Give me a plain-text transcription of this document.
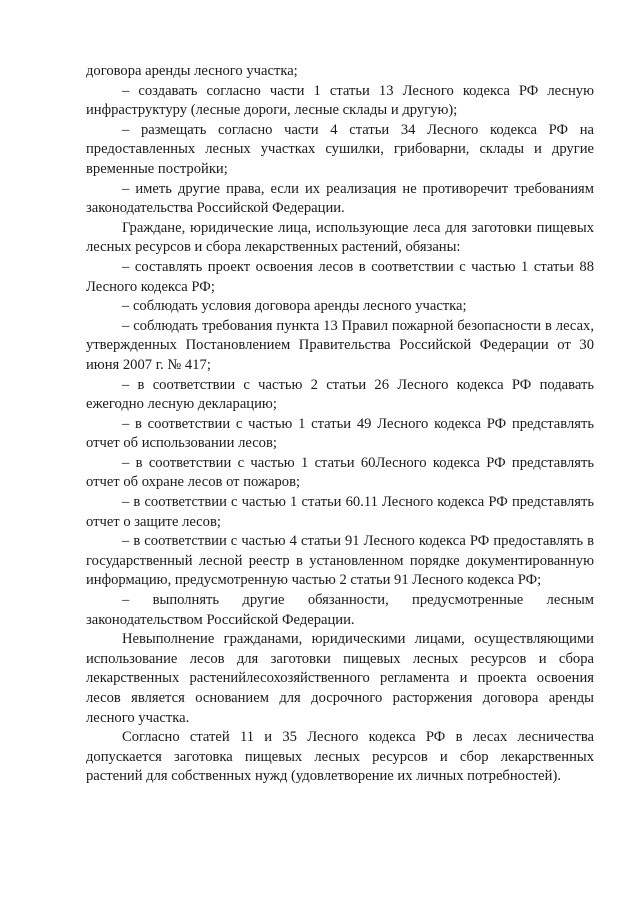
договора аренды лесного участка;

– создавать согласно части 1 статьи 13 Лесного кодекса РФ лесную инфраструктуру (лесные дороги, лесные склады и другую);

– размещать согласно части 4 статьи 34 Лесного кодекса РФ на предоставленных лесных участках сушилки, грибоварни, склады и другие временные постройки;

– иметь другие права, если их реализация не противоречит требованиям законодательства Российской Федерации.

Граждане, юридические лица, использующие леса для заготовки пищевых лесных ресурсов и сбора лекарственных растений, обязаны:

– составлять проект освоения лесов в соответствии с частью 1 статьи 88 Лесного кодекса РФ;

– соблюдать условия договора аренды лесного участка;

– соблюдать требования пункта 13 Правил пожарной безопасности в лесах, утвержденных Постановлением Правительства Российской Федерации от 30 июня 2007 г. № 417;

– в соответствии с частью 2 статьи 26 Лесного кодекса РФ подавать ежегодно лесную декларацию;

– в соответствии с частью 1 статьи 49 Лесного кодекса РФ представлять отчет об использовании лесов;

– в соответствии с частью 1 статьи 60Лесного кодекса РФ представлять отчет об охране лесов от пожаров;

– в соответствии с частью 1 статьи 60.11 Лесного кодекса РФ представлять отчет о защите лесов;

– в соответствии с частью 4 статьи 91 Лесного кодекса РФ предоставлять в государственный лесной реестр в установленном порядке документированную информацию, предусмотренную частью 2 статьи 91 Лесного кодекса РФ;

– выполнять другие обязанности, предусмотренные лесным законодательством Российской Федерации.

Невыполнение гражданами, юридическими лицами, осуществляющими использование лесов для заготовки пищевых лесных ресурсов и сбора лекарственных растенийлесохозяйственного регламента и проекта освоения лесов является основанием для досрочного расторжения договора аренды лесного участка.

Согласно статей 11 и 35 Лесного кодекса РФ в лесах лесничества допускается заготовка пищевых лесных ресурсов и сбор лекарственных растений для собственных нужд (удовлетворение их личных потребностей).
